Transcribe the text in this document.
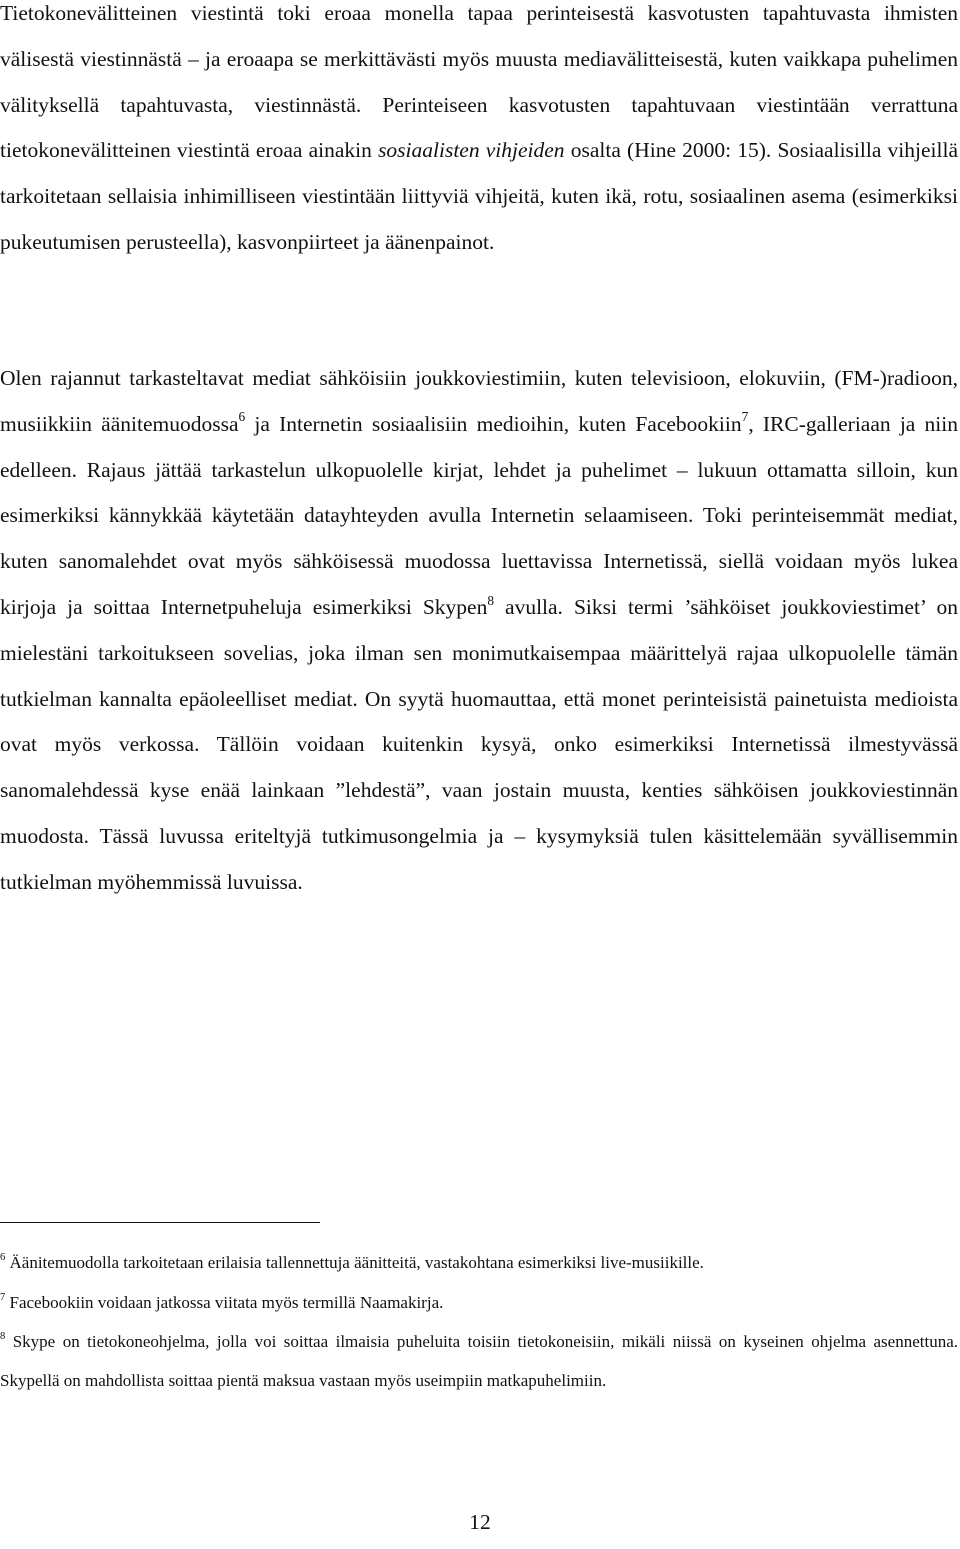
Tietokonevälitteinen viestintä toki eroaa monella tapaa perinteisestä kasvotusten tapahtuvasta ihmisten välisestä viestinnästä – ja eroaapa se merkittävästi myös muusta mediavälitteisestä, kuten vaikkapa puhelimen välityksellä tapahtuvasta, viestinnästä. Perinteiseen kasvotusten tapahtuvaan viestintään verrattuna tietokonevälitteinen viestintä eroaa ainakin sosiaalisten vihjeiden osalta (Hine 2000: 15). Sosiaalisilla vihjeillä tarkoitetaan sellaisia inhimilliseen viestintään liittyviä vihjeitä, kuten ikä, rotu, sosiaalinen asema (esimerkiksi pukeutumisen perusteella), kasvonpiirteet ja äänenpainot.

Olen rajannut tarkasteltavat mediat sähköisiin joukkoviestimiin, kuten televisioon, elokuviin, (FM-)radioon, musiikkiin äänitemuodossa$^6$ ja Internetin sosiaalisiin medioihin, kuten Facebookiin$^7$, IRC-galleriaan ja niin edelleen. Rajaus jättää tarkastelun ulkopuolelle kirjat, lehdet ja puhelimet – lukuun ottamatta silloin, kun esimerkiksi kännykkää käytetään datayhteyden avulla Internetin selaamiseen. Toki perinteisemmät mediat, kuten sanomalehdet ovat myös sähköisessä muodossa luettavissa Internetissä, siellä voidaan myös lukea kirjoja ja soittaa Internetpuheluja esimerkiksi Skypen$^8$ avulla. Siksi termi ’sähköiset joukkoviestimet’ on mielestäni tarkoitukseen sovelias, joka ilman sen monimutkaisempaa määrittelyä rajaa ulkopuolelle tämän tutkielman kannalta epäoleelliset mediat. On syytä huomauttaa, että monet perinteisistä painetuista medioista ovat myös verkossa. Tällöin voidaan kuitenkin kysyä, onko esimerkiksi Internetissä ilmestyvässä sanomalehdessä kyse enää lainkaan ”lehdestä”, vaan jostain muusta, kenties sähköisen joukkoviestinnän muodosta. Tässä luvussa eriteltyjä tutkimusongelmia ja – kysymyksiä tulen käsittelemään syvällisemmin tutkielman myöhemmissä luvuissa.

$^6$ Äänitemuodolla tarkoitetaan erilaisia tallennettuja äänitteitä, vastakohtana esimerkiksi live-musiikille.

$^7$ Facebookiin voidaan jatkossa viitata myös termillä Naamakirja.

$^8$ Skype on tietokoneohjelma, jolla voi soittaa ilmaisia puheluita toisiin tietokoneisiin, mikäli niissä on kyseinen ohjelma asennettuna. Skypellä on mahdollista soittaa pientä maksua vastaan myös useimpiin matkapuhelimiin.

12
